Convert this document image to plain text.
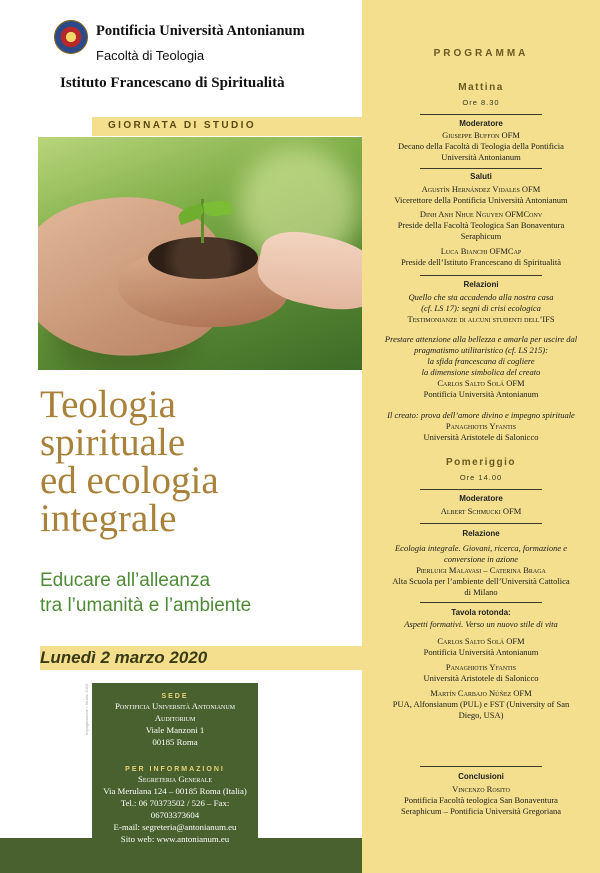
Pontificia Università Antonianum
Facoltà di Teologia
Istituto Francescano di Spiritualità
GIORNATA DI STUDIO
Teologia
spirituale
ed ecologia
integrale
Educare all’alleanza
tra l’umanità e l’ambiente
Lunedì 2 marzo 2020
Impaginazione • Studio 2020	SEDE
Pontificia Università Antonianum
Auditorium
Viale Manzoni 1
00185 Roma
PER INFORMAZIONI
Segreteria Generale
Via Merulana 124 – 00185 Roma (Italia)
Tel.: 06 70373502 / 526 – Fax:
06703373604
E-mail: segreteria@antonianum.eu
Sito web: www.antonianum.eu
PROGRAMMA
Mattina
Ore 8.30
Moderatore
Giuseppe Buffon OFM
Decano della Facoltà di Teologia della Pontificia
Università Antonianum
Saluti
Agustín Hernández Vidales OFM
Vicerettore della Pontificia Università Antonianum
Dinh Anh Nhue Nguyen OFMConv
Preside della Facoltà Teologica San Bonaventura
Seraphicum
Luca Bianchi OFMCap
Preside dell’Istituto Francescano di Spiritualità
Relazioni
Quello che sta accadendo alla nostra casa
(cf. LS 17): segni di crisi ecologica
Testimonianze di alcuni studenti dell’IFS
Prestare attenzione alla bellezza e amarla per uscire dal
pragmatismo utilitaristico (cf. LS 215):
la sfida francescana di cogliere
la dimensione simbolica del creato
Carlos Salto Solá OFM
Pontificia Università Antonianum
Il creato: prova dell’amore divino e impegno spirituale
Panaghiotis Yfantis
Università Aristotele di Salonicco
Pomeriggio
Ore 14.00
Moderatore
Albert Schmucki OFM
Relazione
Ecologia integrale. Giovani, ricerca, formazione e
conversione in azione
Pierluigi Malavasi – Caterina Braga
Alta Scuola per l’ambiente dell’Università Cattolica
di Milano
Tavola rotonda:
Aspetti formativi. Verso un nuovo stile di vita
Carlos Salto Solá OFM
Pontificia Università Antonianum
Panaghiotis Yfantis
Università Aristotele di Salonicco
Martín Carbajo Núñez OFM
PUA, Alfonsianum (PUL) e FST (University of San
Diego, USA)
Conclusioni
Vincenzo Rosito
Pontificia Facoltà teologica San Bonaventura
Seraphicum – Pontificia Università Gregoriana
